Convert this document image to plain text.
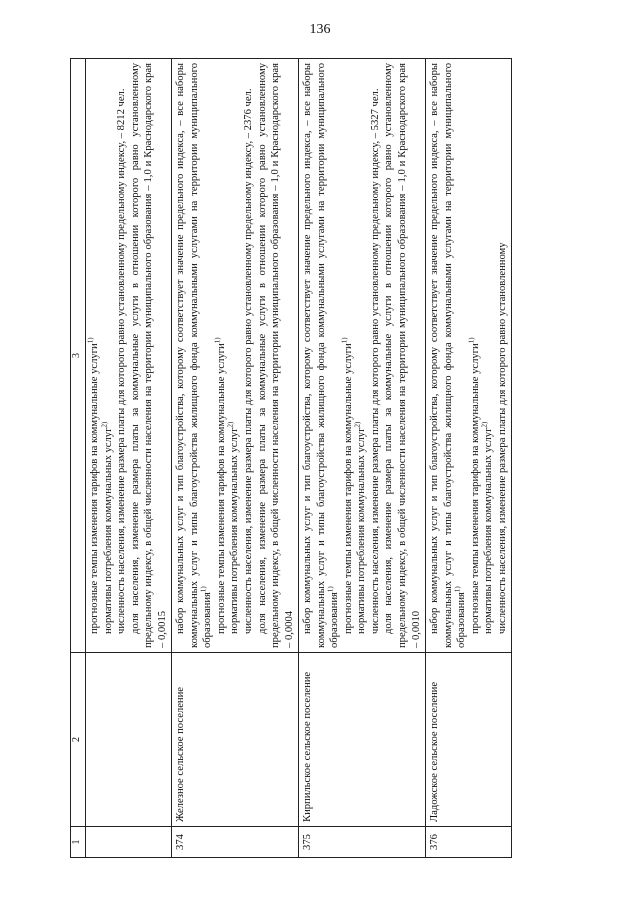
136
1	2	3

		прогнозные темпы изменения тарифов на коммунальные услуги$^{1)}$

нормативы потребления коммунальных услуг$^{2)}$ численность населения, изменение размера платы для которого равно установленному предельному индексу, – 8212 чел. доля населения, изменение размера платы за коммунальные услуги в отношении которого равно установленному предельному индексу, в общей численности населения на территории муниципального образования – 1,0 и Краснодарского края – 0,0015

374	Железное сельское поселение	набор коммунальных услуг и тип благоустройства, которому соответствует значение предельного индекса, – все наборы коммунальных услуг и типы благоустройства жилищного фонда коммунальными услугами на территории муниципального образования$^{1)}$ прогнозные темпы изменения тарифов на коммунальные услуги$^{1)}$

нормативы потребления коммунальных услуг$^{2)}$ численность населения, изменение размера платы для которого равно установленному предельному индексу, – 2376 чел. доля населения, изменение размера платы за коммунальные услуги в отношении которого равно установленному предельному индексу, в общей численности населения на территории муниципального образования – 1,0 и Краснодарского края – 0,0004

375	Кирпильское сельское поселение	набор коммунальных услуг и тип благоустройства, которому соответствует значение предельного индекса, – все наборы коммунальных услуг и типы благоустройства жилищного фонда коммунальными услугами на территории муниципального образования$^{1)}$ прогнозные темпы изменения тарифов на коммунальные услуги$^{1)}$

нормативы потребления коммунальных услуг$^{2)}$ численность населения, изменение размера платы для которого равно установленному предельному индексу, – 5327 чел. доля населения, изменение размера платы за коммунальные услуги в отношении которого равно установленному предельному индексу, в общей численности населения на территории муниципального образования – 1,0 и Краснодарского края – 0,0010

376	Ладожское сельское поселение	набор коммунальных услуг и тип благоустройства, которому соответствует значение предельного индекса, – все наборы коммунальных услуг и типы благоустройства жилищного фонда коммунальными услугами на территории муниципального образования$^{1)}$ прогнозные темпы изменения тарифов на коммунальные услуги$^{1)}$

нормативы потребления коммунальных услуг$^{2)}$ численность населения, изменение размера платы для которого равно установленному
